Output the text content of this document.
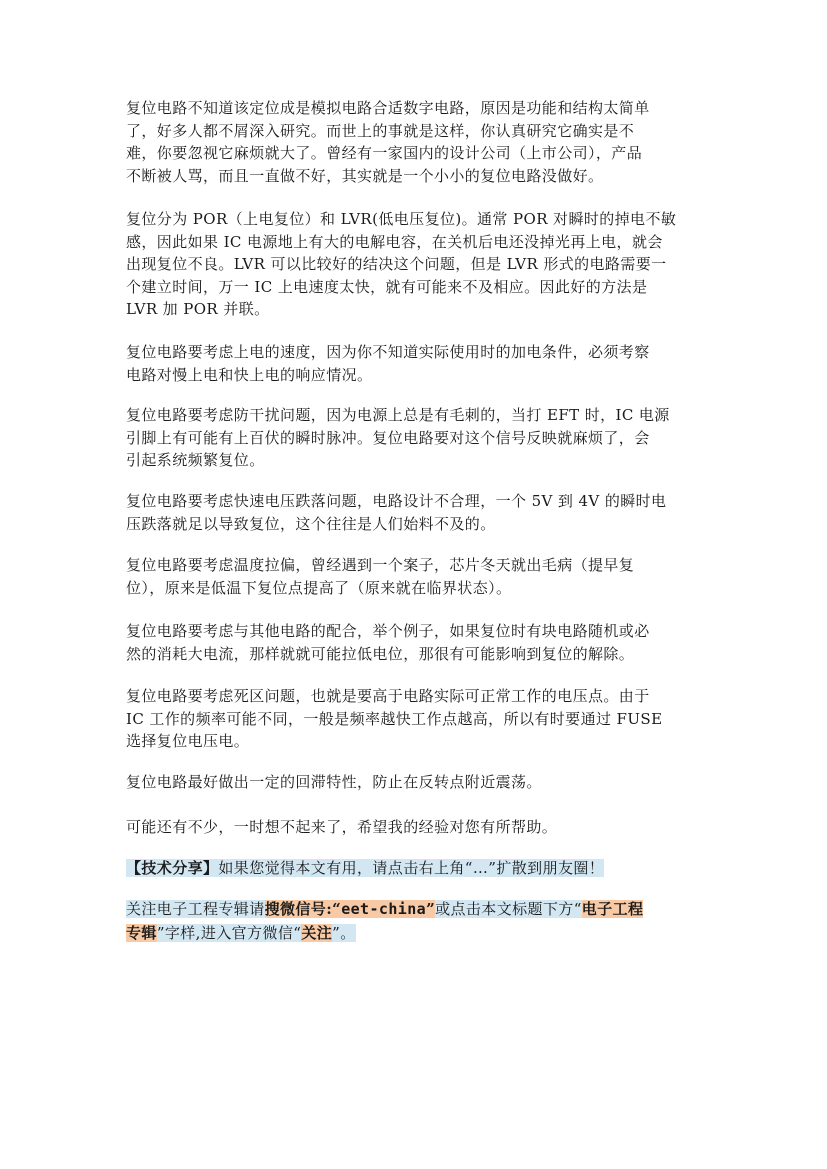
复位电路不知道该定位成是模拟电路合适数字电路，原因是功能和结构太简单
了，好多人都不屑深入研究。而世上的事就是这样，你认真研究它确实是不
难，你要忽视它麻烦就大了。曾经有一家国内的设计公司（上市公司），产品
不断被人骂，而且一直做不好，其实就是一个小小的复位电路没做好。

复位分为 POR（上电复位）和 LVR(低电压复位)。通常 POR 对瞬时的掉电不敏
感，因此如果 IC 电源地上有大的电解电容，在关机后电还没掉光再上电，就会
出现复位不良。LVR 可以比较好的结决这个问题，但是 LVR 形式的电路需要一
个建立时间，万一 IC 上电速度太快，就有可能来不及相应。因此好的方法是
LVR 加 POR 并联。

复位电路要考虑上电的速度，因为你不知道实际使用时的加电条件，必须考察
电路对慢上电和快上电的响应情况。

复位电路要考虑防干扰问题，因为电源上总是有毛刺的，当打 EFT 时，IC 电源
引脚上有可能有上百伏的瞬时脉冲。复位电路要对这个信号反映就麻烦了，会
引起系统频繁复位。

复位电路要考虑快速电压跌落问题，电路设计不合理，一个 5V 到 4V 的瞬时电
压跌落就足以导致复位，这个往往是人们始料不及的。

复位电路要考虑温度拉偏，曾经遇到一个案子，芯片冬天就出毛病（提早复
位），原来是低温下复位点提高了（原来就在临界状态）。

复位电路要考虑与其他电路的配合，举个例子，如果复位时有块电路随机或必
然的消耗大电流，那样就就可能拉低电位，那很有可能影响到复位的解除。

复位电路要考虑死区问题，也就是要高于电路实际可正常工作的电压点。由于
IC 工作的频率可能不同，一般是频率越快工作点越高，所以有时要通过 FUSE
选择复位电压电。

复位电路最好做出一定的回滞特性，防止在反转点附近震荡。

可能还有不少，一时想不起来了，希望我的经验对您有所帮助。

【技术分享】如果您觉得本文有用，请点击右上角“…”扩散到朋友圈！

关注电子工程专辑请搜微信号:“eet-china”或点击本文标题下方“电子工程
专辑”字样,进入官方微信“关注”。
